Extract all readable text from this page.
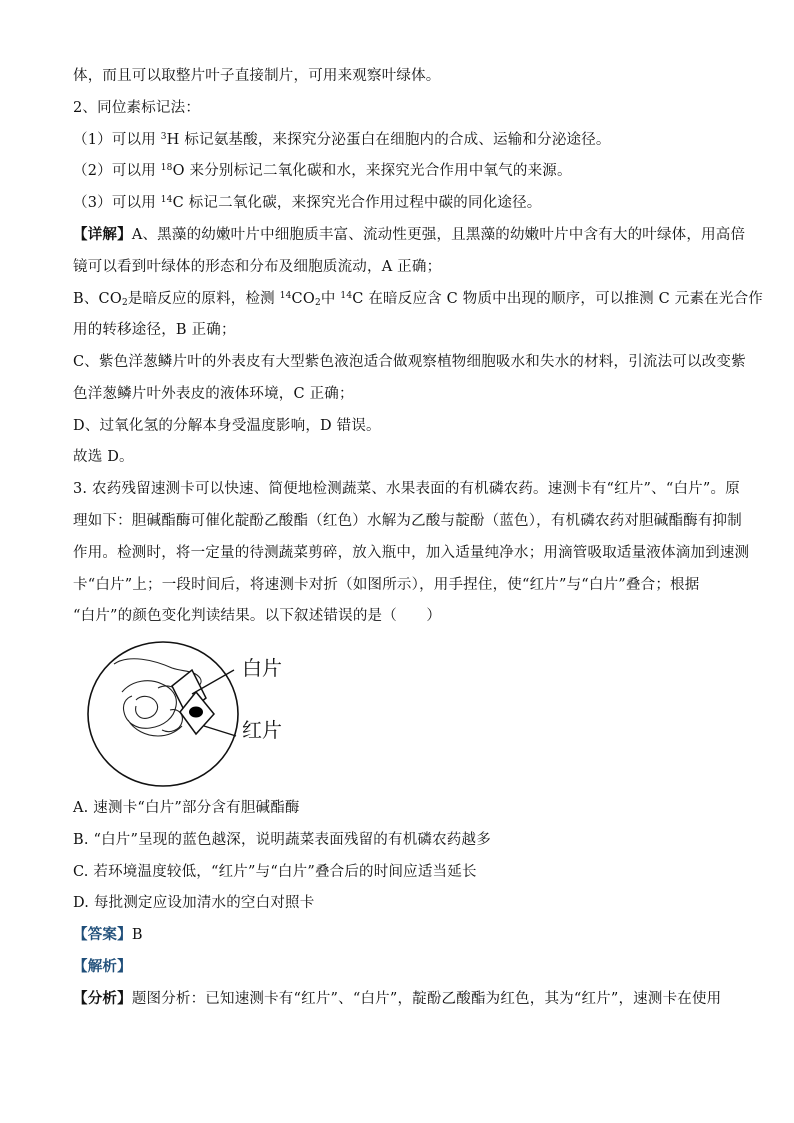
体，而且可以取整片叶子直接制片，可用来观察叶绿体。
2、同位素标记法：
（1）可以用 $^3$H 标记氨基酸，来探究分泌蛋白在细胞内的合成、运输和分泌途径。
（2）可以用 $^{18}$O 来分别标记二氧化碳和水，来探究光合作用中氧气的来源。
（3）可以用 $^{14}$C 标记二氧化碳，来探究光合作用过程中碳的同化途径。
【详解】A、黑藻的幼嫩叶片中细胞质丰富、流动性更强，且黑藻的幼嫩叶片中含有大的叶绿体，用高倍
镜可以看到叶绿体的形态和分布及细胞质流动，A 正确；
B、$CO_2$是暗反应的原料，检测 $^{14}CO_2$中 $^{14}$C 在暗反应含 C 物质中出现的顺序，可以推测 C 元素在光合作
用的转移途径，B 正确；
C、紫色洋葱鳞片叶的外表皮有大型紫色液泡适合做观察植物细胞吸水和失水的材料，引流法可以改变紫
色洋葱鳞片叶外表皮的液体环境，C 正确；
D、过氧化氢的分解本身受温度影响，D 错误。
故选 D。
3. 农药残留速测卡可以快速、简便地检测蔬菜、水果表面的有机磷农药。速测卡有“红片”、“白片”。原
理如下：胆碱酯酶可催化靛酚乙酸酯（红色）水解为乙酸与靛酚（蓝色），有机磷农药对胆碱酯酶有抑制
作用。检测时，将一定量的待测蔬菜剪碎，放入瓶中，加入适量纯净水；用滴管吸取适量液体滴加到速测
卡“白片”上；一段时间后，将速测卡对折（如图所示），用手捏住，使“红片”与“白片”叠合；根据
“白片”的颜色变化判读结果。以下叙述错误的是（　　）
白片
红片
A. 速测卡“白片”部分含有胆碱酯酶
B. “白片”呈现的蓝色越深，说明蔬菜表面残留的有机磷农药越多
C. 若环境温度较低，“红片”与“白片”叠合后的时间应适当延长
D. 每批测定应设加清水的空白对照卡
【答案】B
【解析】
【分析】题图分析：已知速测卡有“红片”、“白片”，靛酚乙酸酯为红色，其为“红片”，速测卡在使用
